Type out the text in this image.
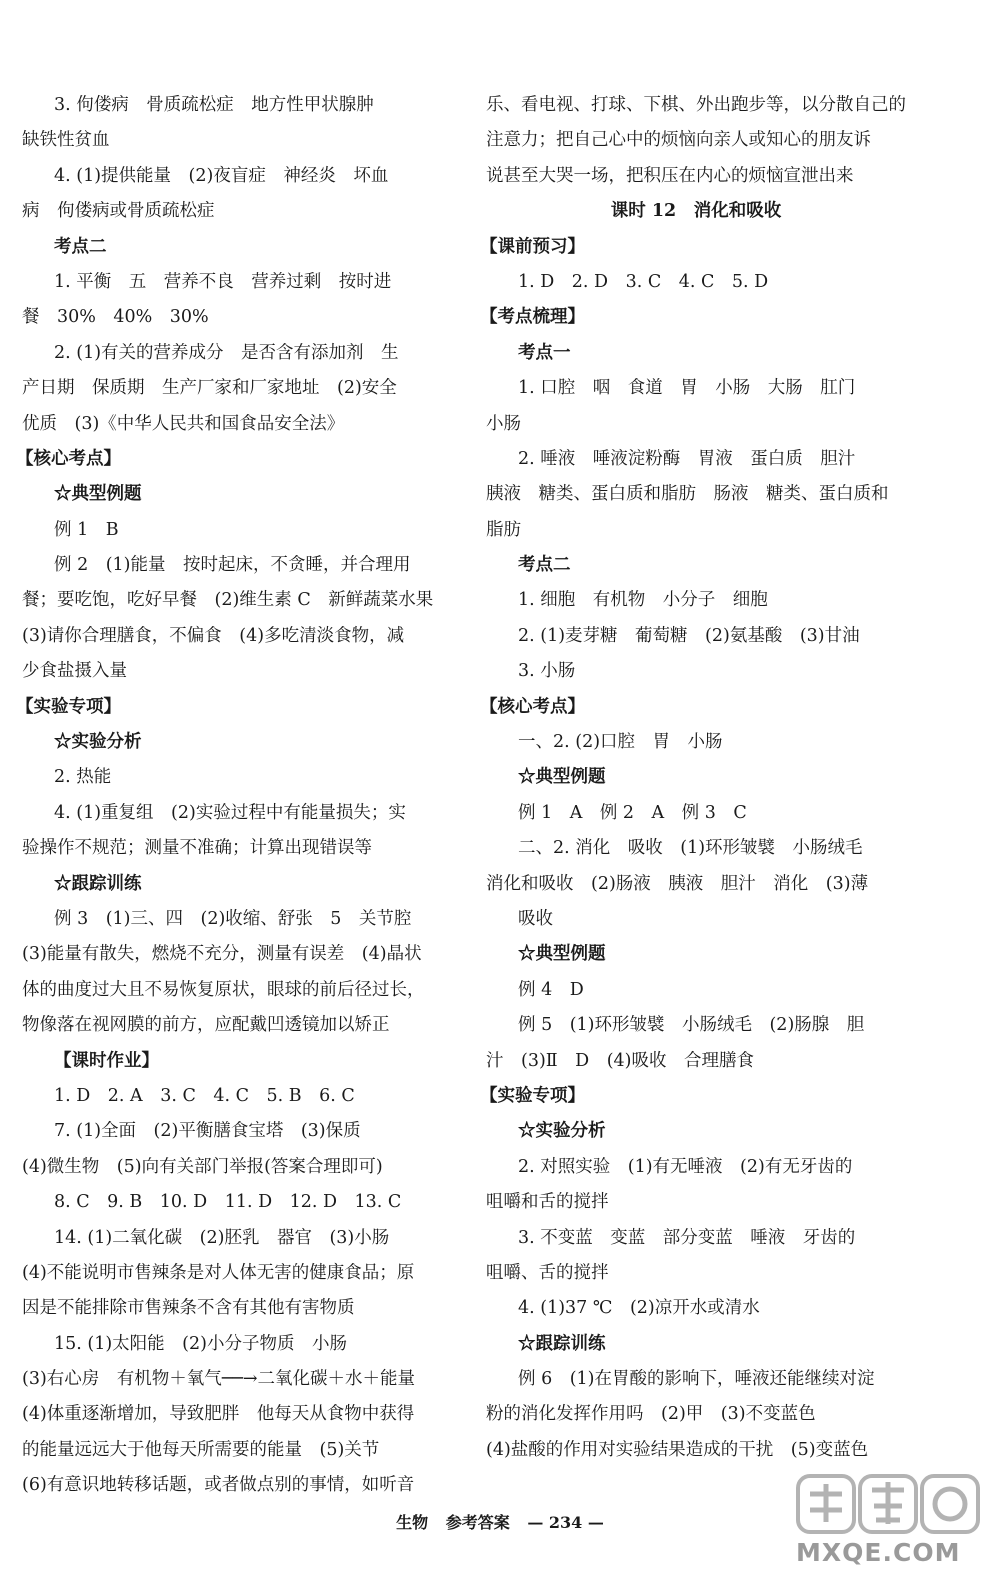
3. 佝偻病　骨质疏松症　地方性甲状腺肿
缺铁性贫血
4. (1)提供能量　(2)夜盲症　神经炎　坏血
病　佝偻病或骨质疏松症
考点二
1. 平衡　五　营养不良　营养过剩　按时进
餐　30%　40%　30%
2. (1)有关的营养成分　是否含有添加剂　生
产日期　保质期　生产厂家和厂家地址　(2)安全
优质　(3)《中华人民共和国食品安全法》
【核心考点】
☆典型例题
例 1　B
例 2　(1)能量　按时起床，不贪睡，并合理用
餐；要吃饱，吃好早餐　(2)维生素 C　新鲜蔬菜水果
(3)请你合理膳食，不偏食　(4)多吃清淡食物，减
少食盐摄入量
【实验专项】
☆实验分析
2. 热能
4. (1)重复组　(2)实验过程中有能量损失；实
验操作不规范；测量不准确；计算出现错误等
☆跟踪训练
例 3　(1)三、四　(2)收缩、舒张　5　关节腔
(3)能量有散失，燃烧不充分，测量有误差　(4)晶状
体的曲度过大且不易恢复原状，眼球的前后径过长，
物像落在视网膜的前方，应配戴凹透镜加以矫正
【课时作业】
1. D　2. A　3. C　4. C　5. B　6. C
7. (1)全面　(2)平衡膳食宝塔　(3)保质
(4)微生物　(5)向有关部门举报(答案合理即可)
8. C　9. B　10. D　11. D　12. D　13. C
14. (1)二氧化碳　(2)胚乳　器官　(3)小肠
(4)不能说明市售辣条是对人体无害的健康食品；原
因是不能排除市售辣条不含有其他有害物质
15. (1)太阳能　(2)小分子物质　小肠
(3)右心房　有机物＋氧气──→二氧化碳＋水＋能量
(4)体重逐渐增加，导致肥胖　他每天从食物中获得
的能量远远大于他每天所需要的能量　(5)关节
(6)有意识地转移话题，或者做点别的事情，如听音
乐、看电视、打球、下棋、外出跑步等，以分散自己的
注意力；把自己心中的烦恼向亲人或知心的朋友诉
说甚至大哭一场，把积压在内心的烦恼宣泄出来
课时 12　消化和吸收
【课前预习】
1. D　2. D　3. C　4. C　5. D
【考点梳理】
考点一
1. 口腔　咽　食道　胃　小肠　大肠　肛门
小肠
2. 唾液　唾液淀粉酶　胃液　蛋白质　胆汁
胰液　糖类、蛋白质和脂肪　肠液　糖类、蛋白质和
脂肪
考点二
1. 细胞　有机物　小分子　细胞
2. (1)麦芽糖　葡萄糖　(2)氨基酸　(3)甘油
3. 小肠
【核心考点】
一、2. (2)口腔　胃　小肠
☆典型例题
例 1　A　例 2　A　例 3　C
二、2. 消化　吸收　(1)环形皱襞　小肠绒毛
消化和吸收　(2)肠液　胰液　胆汁　消化　(3)薄
吸收
☆典型例题
例 4　D
例 5　(1)环形皱襞　小肠绒毛　(2)肠腺　胆
汁　(3)Ⅱ　D　(4)吸收　合理膳食
【实验专项】
☆实验分析
2. 对照实验　(1)有无唾液　(2)有无牙齿的
咀嚼和舌的搅拌
3. 不变蓝　变蓝　部分变蓝　唾液　牙齿的
咀嚼、舌的搅拌
4. (1)37 ℃　(2)凉开水或清水
☆跟踪训练
例 6　(1)在胃酸的影响下，唾液还能继续对淀
粉的消化发挥作用吗　(2)甲　(3)不变蓝色
(4)盐酸的作用对实验结果造成的干扰　(5)变蓝色
生物 参考答案 — 234 —
MXQE.COM
